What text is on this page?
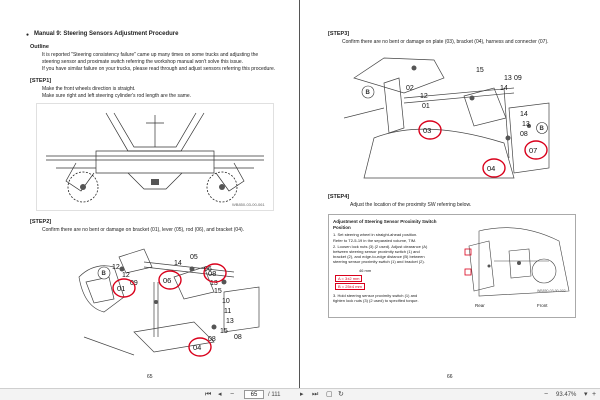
● Manual 9: Steering Sensors Adjustment Procedure
Outline
It is reported "Steering consistency failure" came up many times on some trucks and adjusting the
steering sensor and proximate switch referring the workshop manual won't solve this issue.
If you have similar failure on your trucks, please read through and adjust sensors referring this procedure.
[STEP1]
Make the front wheels direction is straight.
Make sure right and left steering cylinder's rod length are the same.
WB850-03-00-061
[STEP2]
Confirm there are no bent or damage on bracket (01), lever (05), rod (06), and bracket (04).
B 12
09
14
05
06
13
15
10
11
13
15
08
12
08
01
06
08
04
65
[STEP3]
Confirm there are no bent or damage on plate (03), bracket (04), harness and connecter (07).
B
02
15
13
14
09
12
01
14
13
08
B
03
04
07
[STEP4]
Adjust the location of the proximity SW referring below.
Adjustment of Steering Sensor Proximity Switch Position
1. Set steering wheel in straight-ahead position.
Refer to T2-5-19 in the separated volume, TIM.
2. Loosen lock nuts (3) (2 used). Adjust clearance (A)
between steering sensor proximity switch (1) and
bracket (2), and edge-to-edge distance (B) between
steering sensor proximity switch (1) and bracket (2).
46 mm
A = 3±2 mm
B = 25±4 mm
3. Hold steering sensor proximity switch (1) and
tighten lock nuts (3) (2 used) to specified torque.
Rear	Front
WB850-03-00-002
66
⏮ ◂ −	65	/ 111	▸ ⏭ ▢ ↻	− 93.47% ▾ +
